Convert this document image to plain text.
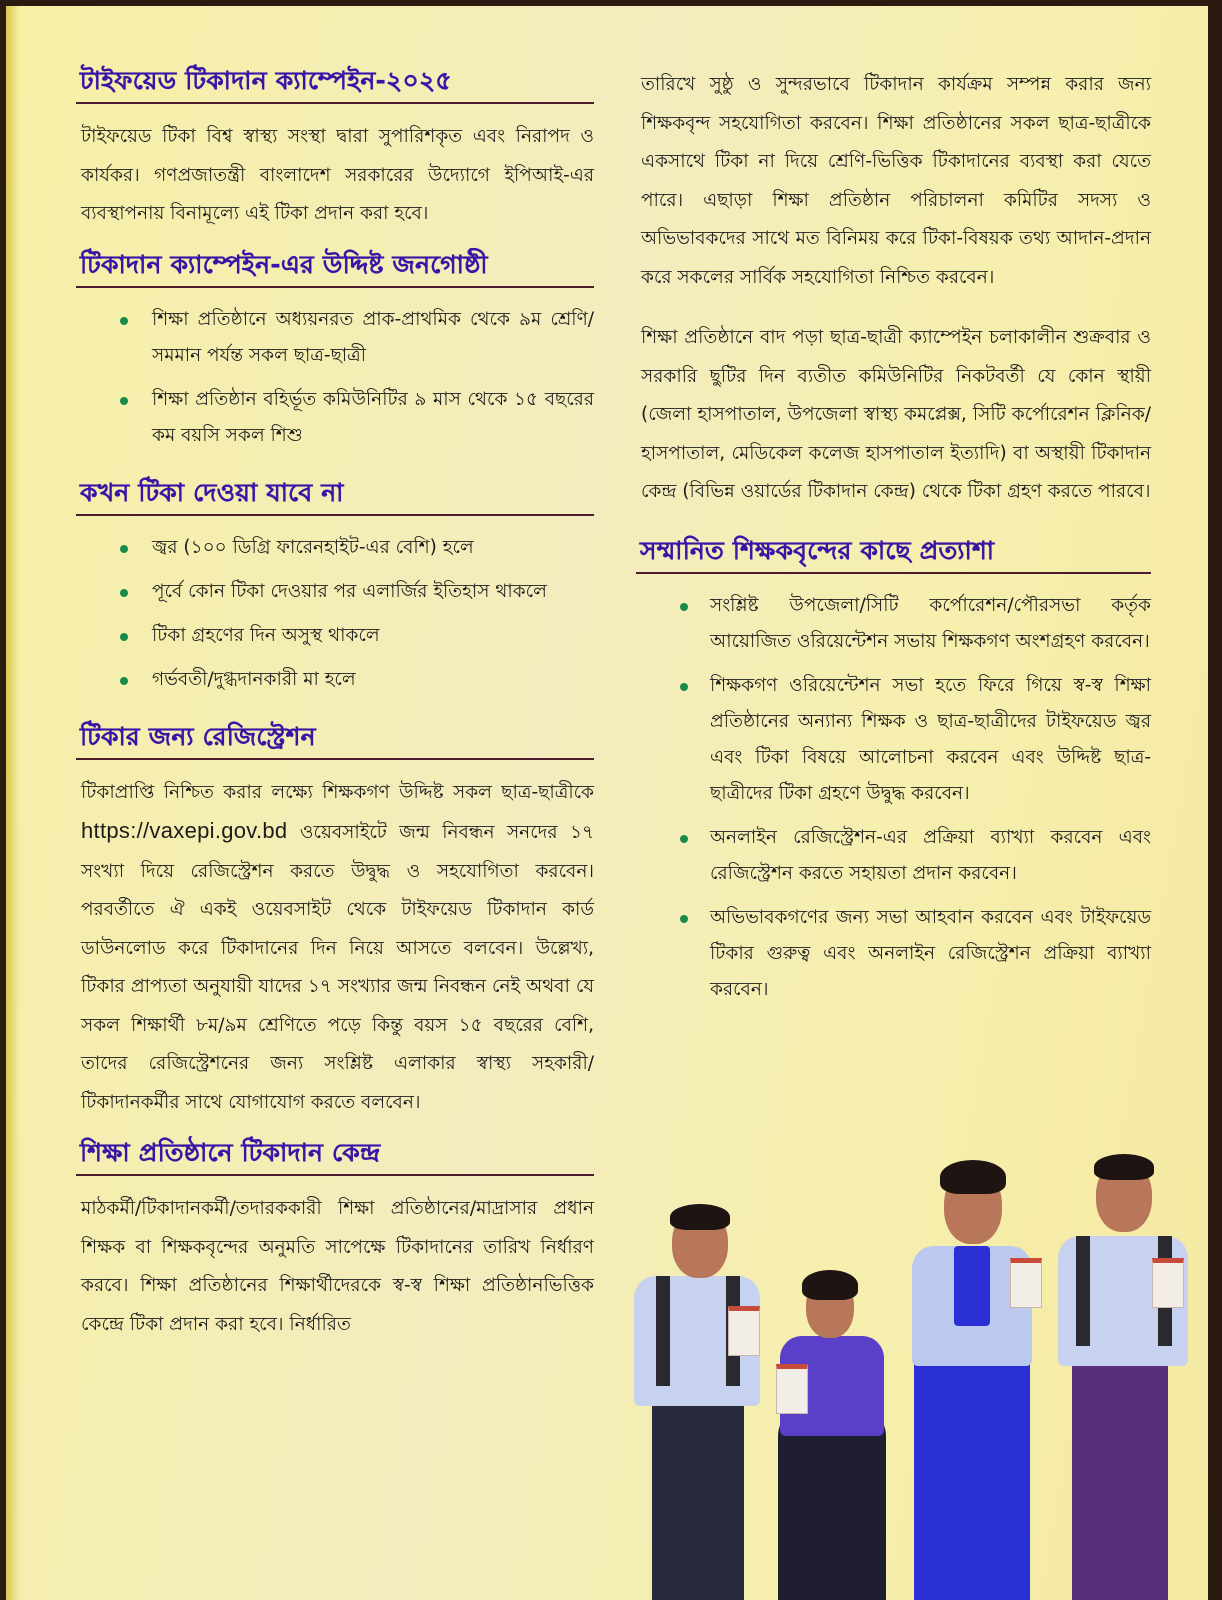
টাইফয়েড টিকাদান ক্যাম্পেইন-২০২৫

টাইফয়েড টিকা বিশ্ব স্বাস্থ্য সংস্থা দ্বারা সুপারিশকৃত এবং নিরাপদ ও কার্যকর। গণপ্রজাতন্ত্রী বাংলাদেশ সরকারের উদ্যোগে ইপিআই-এর ব্যবস্থাপনায় বিনামূল্যে এই টিকা প্রদান করা হবে।

টিকাদান ক্যাম্পেইন-এর উদ্দিষ্ট জনগোষ্ঠী
শিক্ষা প্রতিষ্ঠানে অধ্যয়নরত প্রাক-প্রাথমিক থেকে ৯ম শ্রেণি/সমমান পর্যন্ত সকল ছাত্র-ছাত্রী
শিক্ষা প্রতিষ্ঠান বহির্ভূত কমিউনিটির ৯ মাস থেকে ১৫ বছরের কম বয়সি সকল শিশু
কখন টিকা দেওয়া যাবে না
জ্বর (১০০ ডিগ্রি ফারেনহাইট-এর বেশি) হলে
পূর্বে কোন টিকা দেওয়ার পর এলার্জির ইতিহাস থাকলে
টিকা গ্রহণের দিন অসুস্থ থাকলে
গর্ভবতী/দুগ্ধদানকারী মা হলে
টিকার জন্য রেজিস্ট্রেশন

টিকাপ্রাপ্তি নিশ্চিত করার লক্ষ্যে শিক্ষকগণ উদ্দিষ্ট সকল ছাত্র-ছাত্রীকে https://vaxepi.gov.bd ওয়েবসাইটে জন্ম নিবন্ধন সনদের ১৭ সংখ্যা দিয়ে রেজিস্ট্রেশন করতে উদ্বুদ্ধ ও সহযোগিতা করবেন। পরবর্তীতে ঐ একই ওয়েবসাইট থেকে টাইফয়েড টিকাদান কার্ড ডাউনলোড করে টিকাদানের দিন নিয়ে আসতে বলবেন। উল্লেখ্য, টিকার প্রাপ্যতা অনুযায়ী যাদের ১৭ সংখ্যার জন্ম নিবন্ধন নেই অথবা যে সকল শিক্ষার্থী ৮ম/৯ম শ্রেণিতে পড়ে কিন্তু বয়স ১৫ বছরের বেশি, তাদের রেজিস্ট্রেশনের জন্য সংশ্লিষ্ট এলাকার স্বাস্থ্য সহকারী/টিকাদানকর্মীর সাথে যোগাযোগ করতে বলবেন।

শিক্ষা প্রতিষ্ঠানে টিকাদান কেন্দ্র

মাঠকর্মী/টিকাদানকর্মী/তদারককারী শিক্ষা প্রতিষ্ঠানের/মাদ্রাসার প্রধান শিক্ষক বা শিক্ষকবৃন্দের অনুমতি সাপেক্ষে টিকাদানের তারিখ নির্ধারণ করবে। শিক্ষা প্রতিষ্ঠানের শিক্ষার্থীদেরকে স্ব-স্ব শিক্ষা প্রতিষ্ঠানভিত্তিক কেন্দ্রে টিকা প্রদান করা হবে। নির্ধারিত

তারিখে সুষ্ঠু ও সুন্দরভাবে টিকাদান কার্যক্রম সম্পন্ন করার জন্য শিক্ষকবৃন্দ সহযোগিতা করবেন। শিক্ষা প্রতিষ্ঠানের সকল ছাত্র-ছাত্রীকে একসাথে টিকা না দিয়ে শ্রেণি-ভিত্তিক টিকাদানের ব্যবস্থা করা যেতে পারে। এছাড়া শিক্ষা প্রতিষ্ঠান পরিচালনা কমিটির সদস্য ও অভিভাবকদের সাথে মত বিনিময় করে টিকা-বিষয়ক তথ্য আদান-প্রদান করে সকলের সার্বিক সহযোগিতা নিশ্চিত করবেন।

শিক্ষা প্রতিষ্ঠানে বাদ পড়া ছাত্র-ছাত্রী ক্যাম্পেইন চলাকালীন শুক্রবার ও সরকারি ছুটির দিন ব্যতীত কমিউনিটির নিকটবর্তী যে কোন স্থায়ী (জেলা হাসপাতাল, উপজেলা স্বাস্থ্য কমপ্লেক্স, সিটি কর্পোরেশন ক্লিনিক/হাসপাতাল, মেডিকেল কলেজ হাসপাতাল ইত্যাদি) বা অস্থায়ী টিকাদান কেন্দ্র (বিভিন্ন ওয়ার্ডের টিকাদান কেন্দ্র) থেকে টিকা গ্রহণ করতে পারবে।

সম্মানিত শিক্ষকবৃন্দের কাছে প্রত্যাশা
সংশ্লিষ্ট উপজেলা/সিটি কর্পোরেশন/পৌরসভা কর্তৃক আয়োজিত ওরিয়েন্টেশন সভায় শিক্ষকগণ অংশগ্রহণ করবেন।
শিক্ষকগণ ওরিয়েন্টেশন সভা হতে ফিরে গিয়ে স্ব-স্ব শিক্ষা প্রতিষ্ঠানের অন্যান্য শিক্ষক ও ছাত্র-ছাত্রীদের টাইফয়েড জ্বর এবং টিকা বিষয়ে আলোচনা করবেন এবং উদ্দিষ্ট ছাত্র-ছাত্রীদের টিকা গ্রহণে উদ্বুদ্ধ করবেন।
অনলাইন রেজিস্ট্রেশন-এর প্রক্রিয়া ব্যাখ্যা করবেন এবং রেজিস্ট্রেশন করতে সহায়তা প্রদান করবেন।
অভিভাবকগণের জন্য সভা আহবান করবেন এবং টাইফয়েড টিকার গুরুত্ব এবং অনলাইন রেজিস্ট্রেশন প্রক্রিয়া ব্যাখ্যা করবেন।
